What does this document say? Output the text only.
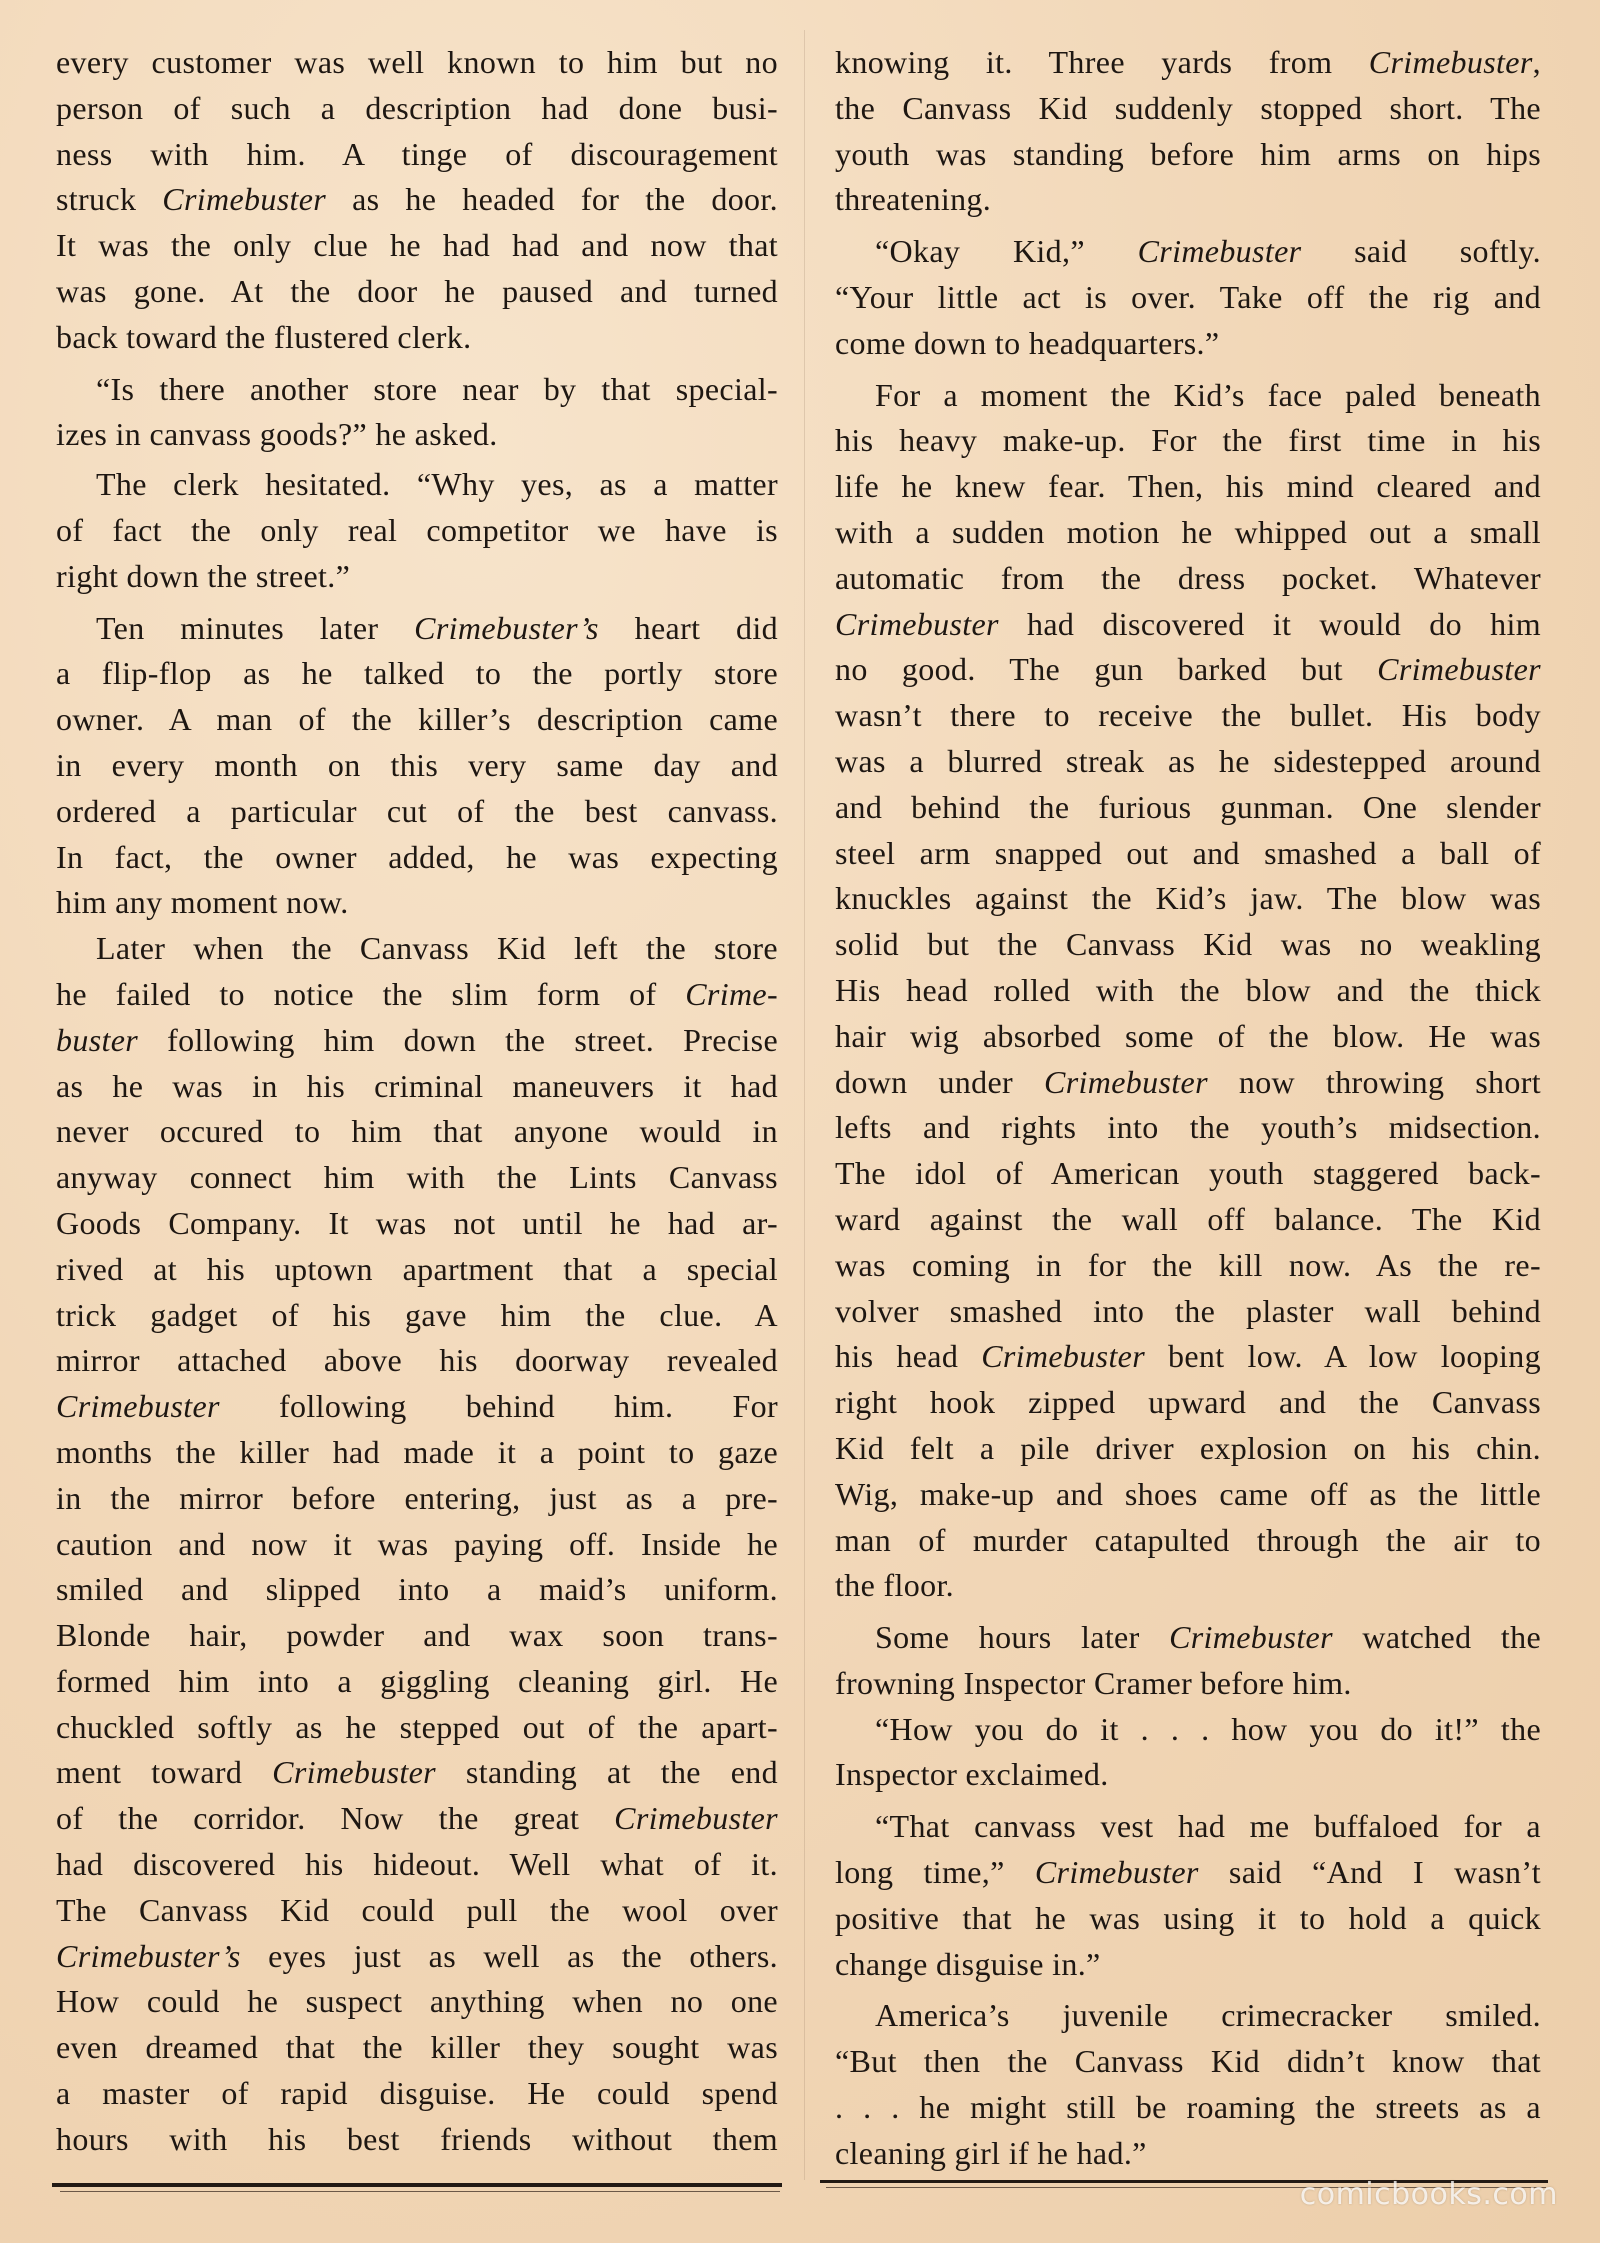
every customer was well known to him but no
person of such a description had done busi-
ness with him. A tinge of discouragement
struck Crimebuster as he headed for the door.
It was the only clue he had had and now that
was gone. At the door he paused and turned
back toward the flustered clerk.
“Is there another store near by that special-
izes in canvass goods?” he asked.
The clerk hesitated. “Why yes, as a matter
of fact the only real competitor we have is
right down the street.”
Ten minutes later Crimebuster’s heart did
a flip-flop as he talked to the portly store
owner. A man of the killer’s description came
in every month on this very same day and
ordered a particular cut of the best canvass.
In fact, the owner added, he was expecting
him any moment now.
Later when the Canvass Kid left the store
he failed to notice the slim form of Crime-
buster following him down the street. Precise
as he was in his criminal maneuvers it had
never occured to him that anyone would in
anyway connect him with the Lints Canvass
Goods Company. It was not until he had ar-
rived at his uptown apartment that a special
trick gadget of his gave him the clue. A
mirror attached above his doorway revealed
Crimebuster following behind him. For
months the killer had made it a point to gaze
in the mirror before entering, just as a pre-
caution and now it was paying off. Inside he
smiled and slipped into a maid’s uniform.
Blonde hair, powder and wax soon trans-
formed him into a giggling cleaning girl. He
chuckled softly as he stepped out of the apart-
ment toward Crimebuster standing at the end
of the corridor. Now the great Crimebuster
had discovered his hideout. Well what of it.
The Canvass Kid could pull the wool over
Crimebuster’s eyes just as well as the others.
How could he suspect anything when no one
even dreamed that the killer they sought was
a master of rapid disguise. He could spend
hours with his best friends without them
knowing it. Three yards from Crimebuster,
the Canvass Kid suddenly stopped short. The
youth was standing before him arms on hips
threatening.
“Okay Kid,” Crimebuster said softly.
“Your little act is over. Take off the rig and
come down to headquarters.”
For a moment the Kid’s face paled beneath
his heavy make-up. For the first time in his
life he knew fear. Then, his mind cleared and
with a sudden motion he whipped out a small
automatic from the dress pocket. Whatever
Crimebuster had discovered it would do him
no good. The gun barked but Crimebuster
wasn’t there to receive the bullet. His body
was a blurred streak as he sidestepped around
and behind the furious gunman. One slender
steel arm snapped out and smashed a ball of
knuckles against the Kid’s jaw. The blow was
solid but the Canvass Kid was no weakling
His head rolled with the blow and the thick
hair wig absorbed some of the blow. He was
down under Crimebuster now throwing short
lefts and rights into the youth’s midsection.
The idol of American youth staggered back-
ward against the wall off balance. The Kid
was coming in for the kill now. As the re-
volver smashed into the plaster wall behind
his head Crimebuster bent low. A low looping
right hook zipped upward and the Canvass
Kid felt a pile driver explosion on his chin.
Wig, make-up and shoes came off as the little
man of murder catapulted through the air to
the floor.
Some hours later Crimebuster watched the
frowning Inspector Cramer before him.
“How you do it . . . how you do it!” the
Inspector exclaimed.
“That canvass vest had me buffaloed for a
long time,” Crimebuster said “And I wasn’t
positive that he was using it to hold a quick
change disguise in.”
America’s juvenile crimecracker smiled.
“But then the Canvass Kid didn’t know that
. . . he might still be roaming the streets as a
cleaning girl if he had.”
comicbooks.com
